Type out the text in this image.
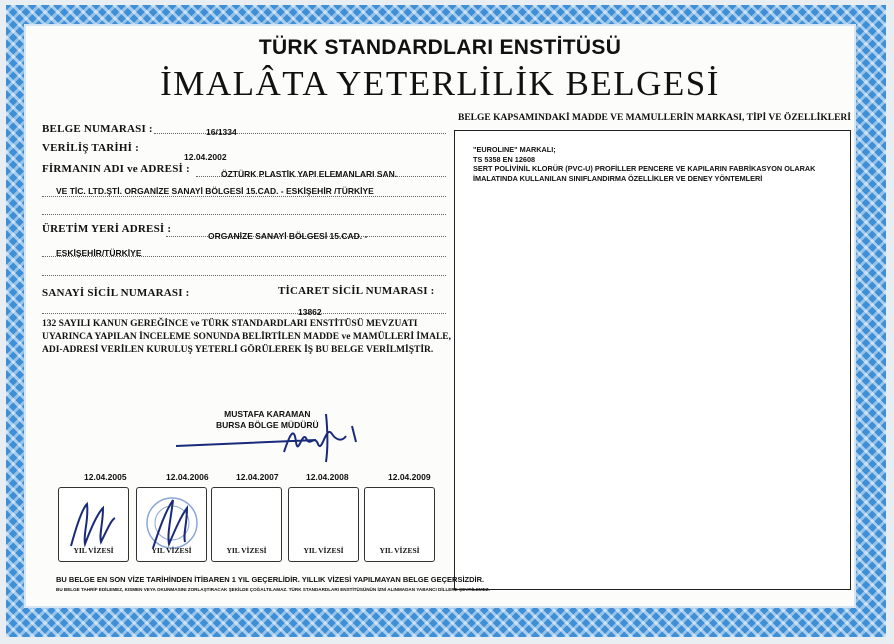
TÜRK STANDARDLARI ENSTİTÜSÜ
İMALÂTA YETERLİLİK BELGESİ
BELGE NUMARASI :	16/1334
VERİLİŞ TARİHİ :
12.04.2002
FİRMANIN ADI ve ADRESİ :	ÖZTÜRK PLASTİK YAPI ELEMANLARI SAN.
VE TİC. LTD.ŞTİ. ORGANİZE SANAYİ BÖLGESİ 15.CAD. - ESKİŞEHİR /TÜRKİYE
ÜRETİM YERİ ADRESİ :
ORGANİZE SANAYİ BÖLGESİ 15.CAD. -
ESKİŞEHİR/TÜRKİYE
SANAYİ SİCİL NUMARASI :	TİCARET SİCİL NUMARASI :
13862
132 SAYILI KANUN GEREĞİNCE ve TÜRK STANDARDLARI ENSTİTÜSÜ MEVZUATI UYARINCA YAPILAN İNCELEME SONUNDA BELİRTİLEN MADDE ve MAMÜLLERİ İMALE, ADI-ADRESİ VERİLEN KURULUŞ YETERLİ GÖRÜLEREK İŞ BU BELGE VERİLMİŞTİR.
BELGE KAPSAMINDAKİ MADDE VE MAMULLERİN MARKASI, TİPİ VE ÖZELLİKLERİ
"EUROLINE" MARKALI;
TS 5358 EN 12608
SERT POLİVİNİL KLORÜR (PVC-U) PROFİLLER PENCERE VE KAPILARIN FABRİKASYON OLARAK
İMALATINDA KULLANILAN SINIFLANDIRMA ÖZELLİKLER VE DENEY YÖNTEMLERİ
MUSTAFA KARAMAN
BURSA BÖLGE MÜDÜRÜ
12.04.2005	12.04.2006	12.04.2007	12.04.2008	12.04.2009
YIL VİZESİ	YIL VİZESİ	YIL VİZESİ	YIL VİZESİ	YIL VİZESİ
BU BELGE EN SON VİZE TARİHİNDEN İTİBAREN 1 YIL GEÇERLİDİR. YILLIK VİZESİ YAPILMAYAN BELGE GEÇERSİZDİR.
BU BELGE TAHRİF EDİLEMEZ, KISMEN VEYA OKUNMASINI ZORLAŞTIRACAK ŞEKİLDE ÇOĞALTILAMAZ. TÜRK STANDARDLARI ENSTİTÜSÜNÜN İZNİ ALINMADAN YABANCI DİLLERE ÇEVRİLEMEZ.
